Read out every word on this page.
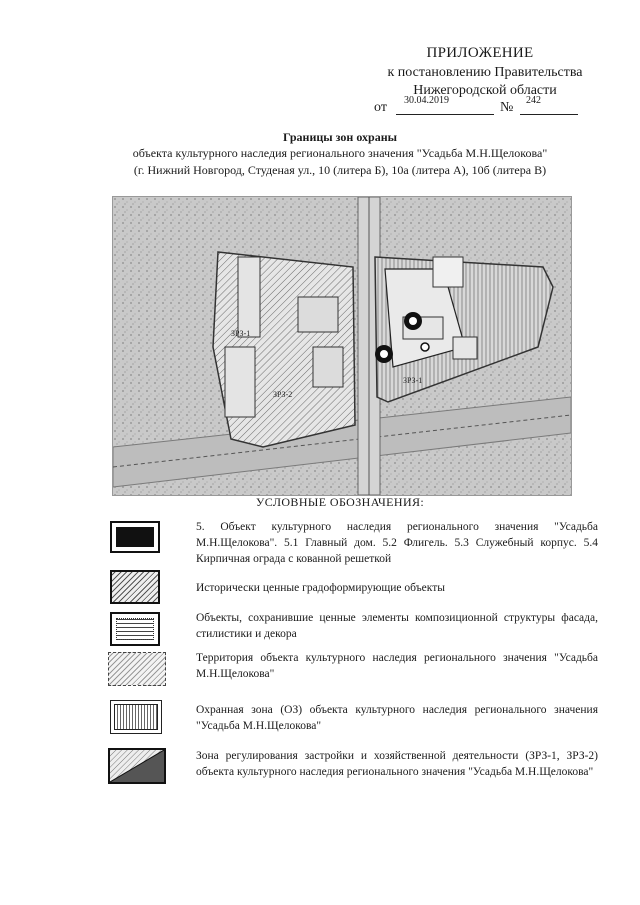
ПРИЛОЖЕНИЕ
к постановлению Правительства
Нижегородской области
от 30.04.2019	№ 242
Границы зон охраны
объекта культурного наследия регионального значения "Усадьба М.Н.Щелокова"
(г. Нижний Новгород, Студеная ул., 10 (литера Б), 10а (литера А), 10б (литера В)
ЗРЗ-1
ЗРЗ-2
ЗРЗ-1
УСЛОВНЫЕ ОБОЗНАЧЕНИЯ:
5. Объект культурного наследия регионального значения "Усадьба М.Н.Щелокова". 5.1 Главный дом. 5.2 Флигель. 5.3 Служебный корпус. 5.4 Кирпичная ограда с кованной решеткой
Исторически ценные градоформирующие объекты
Объекты, сохранившие ценные элементы композиционной структуры фасада, стилистики и декора
Территория объекта культурного наследия регионального значения "Усадьба М.Н.Щелокова"
Охранная зона (ОЗ) объекта культурного наследия регионального значения "Усадьба М.Н.Щелокова"
Зона регулирования застройки и хозяйственной деятельности (ЗРЗ-1, ЗРЗ-2) объекта культурного наследия регионального значения "Усадьба М.Н.Щелокова"
